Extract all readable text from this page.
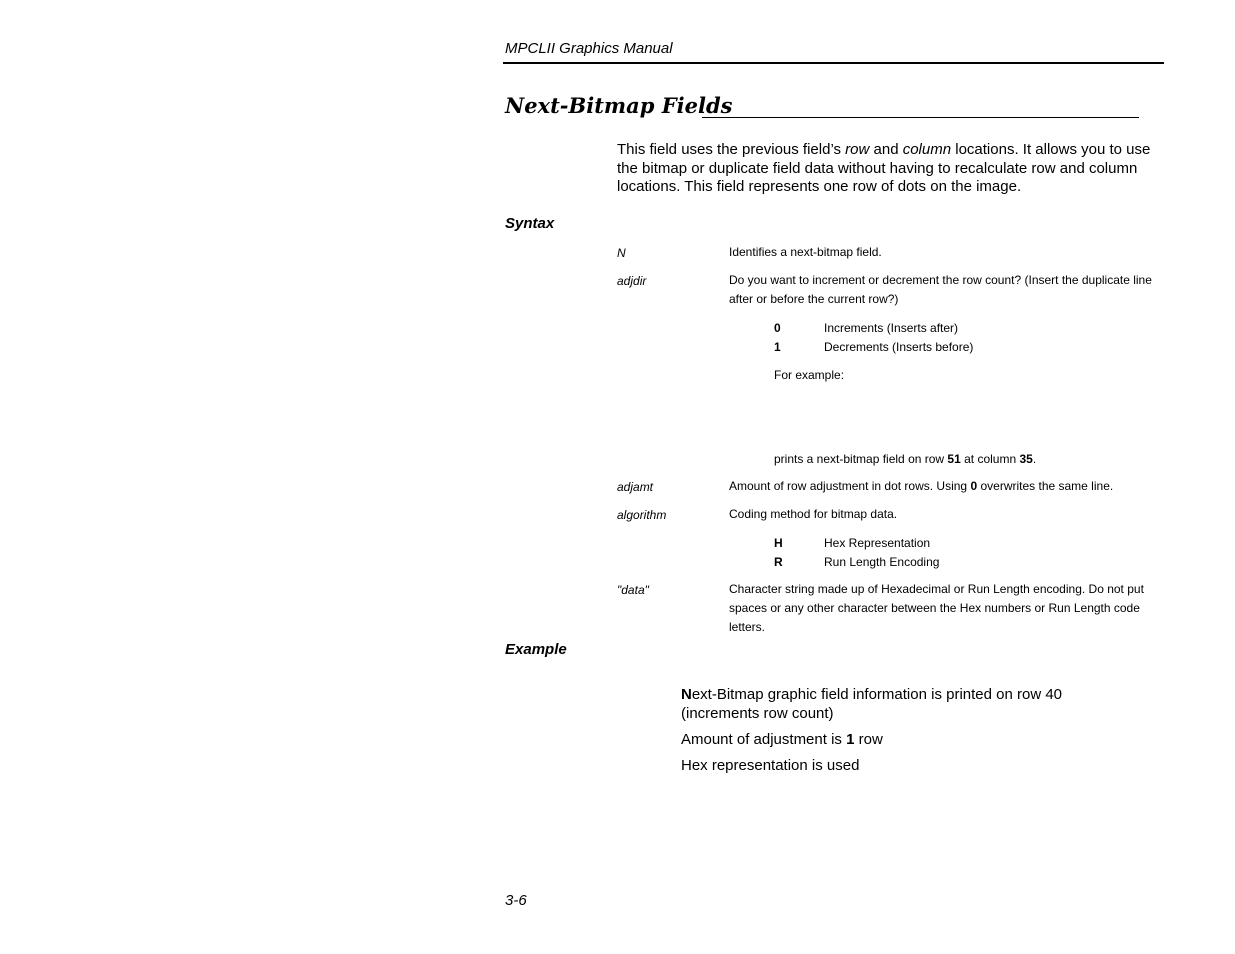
MPCLII Graphics Manual
Next-Bitmap Fields
This field uses the previous field’s row and column locations. It allows you to use the bitmap or duplicate field data without having to recalculate row and column locations. This field represents one row of dots on the image.
Syntax
N	Identifies a next-bitmap field.
adjdir	Do you want to increment or decrement the row count? (Insert the duplicate line after or before the current row?)
0	Increments (Inserts after)
1	Decrements (Inserts before)
For example:
prints a next-bitmap field on row 51 at column 35.
adjamt	Amount of row adjustment in dot rows. Using 0 overwrites the same line.
algorithm	Coding method for bitmap data.
H	Hex Representation
R	Run Length Encoding
"data"	Character string made up of Hexadecimal or Run Length encoding. Do not put spaces or any other character between the Hex numbers or Run Length code letters.
Example
Next-Bitmap graphic field information is printed on row 40 (increments row count)
Amount of adjustment is 1 row
Hex representation is used
3-6
